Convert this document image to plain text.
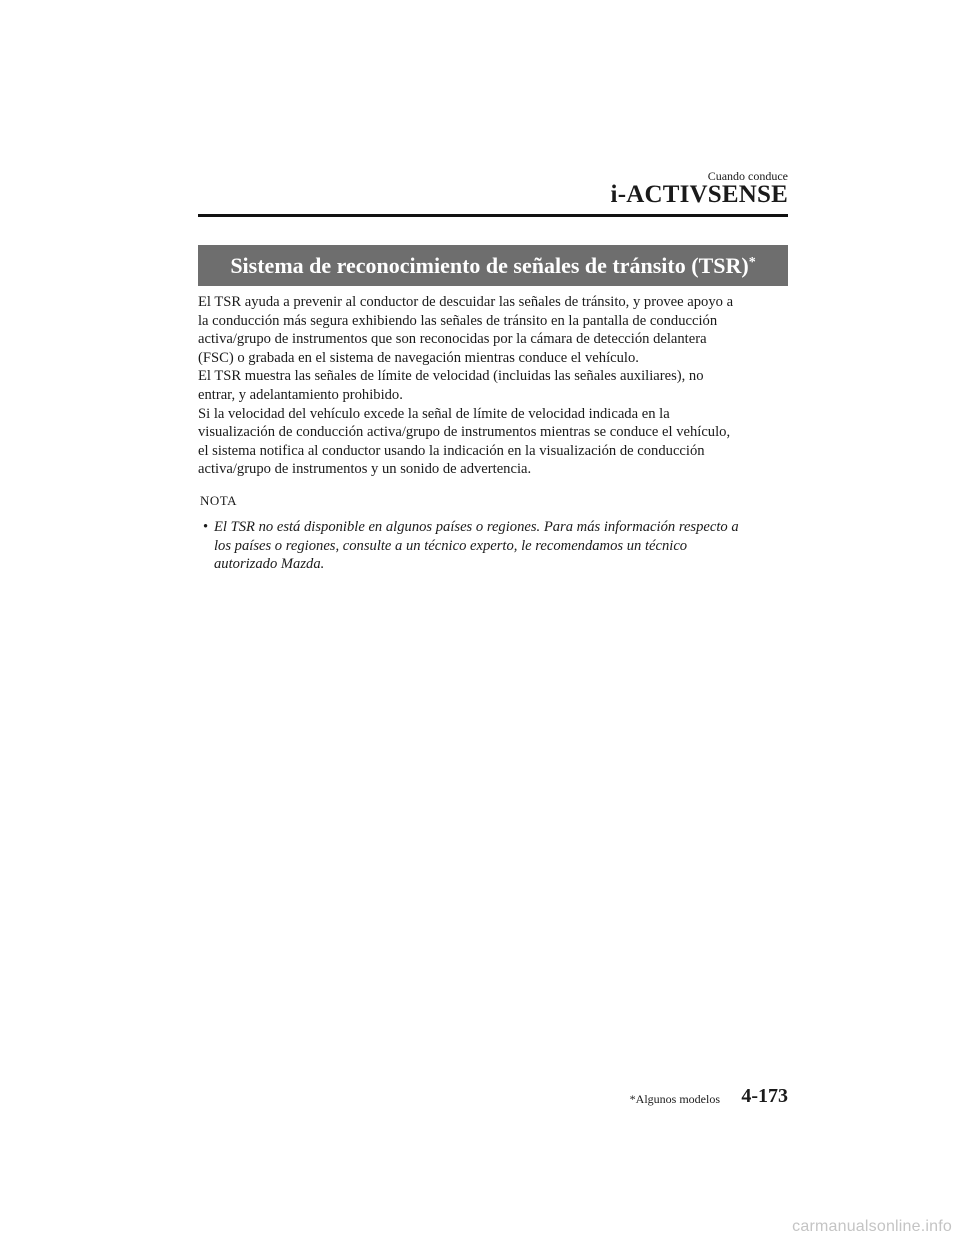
Cuando conduce
i-ACTIVSENSE
Sistema de reconocimiento de señales de tránsito (TSR)*

El TSR ayuda a prevenir al conductor de descuidar las señales de tránsito, y provee apoyo a
la conducción más segura exhibiendo las señales de tránsito en la pantalla de conducción
activa/grupo de instrumentos que son reconocidas por la cámara de detección delantera
(FSC) o grabada en el sistema de navegación mientras conduce el vehículo.

El TSR muestra las señales de límite de velocidad (incluidas las señales auxiliares), no
entrar, y adelantamiento prohibido.

Si la velocidad del vehículo excede la señal de límite de velocidad indicada en la
visualización de conducción activa/grupo de instrumentos mientras se conduce el vehículo,
el sistema notifica al conductor usando la indicación en la visualización de conducción
activa/grupo de instrumentos y un sonido de advertencia.

NOTA
• El TSR no está disponible en algunos países o regiones. Para más información respecto a
los países o regiones, consulte a un técnico experto, le recomendamos un técnico
autorizado Mazda.
*Algunos modelos 4-173
carmanualsonline.info
